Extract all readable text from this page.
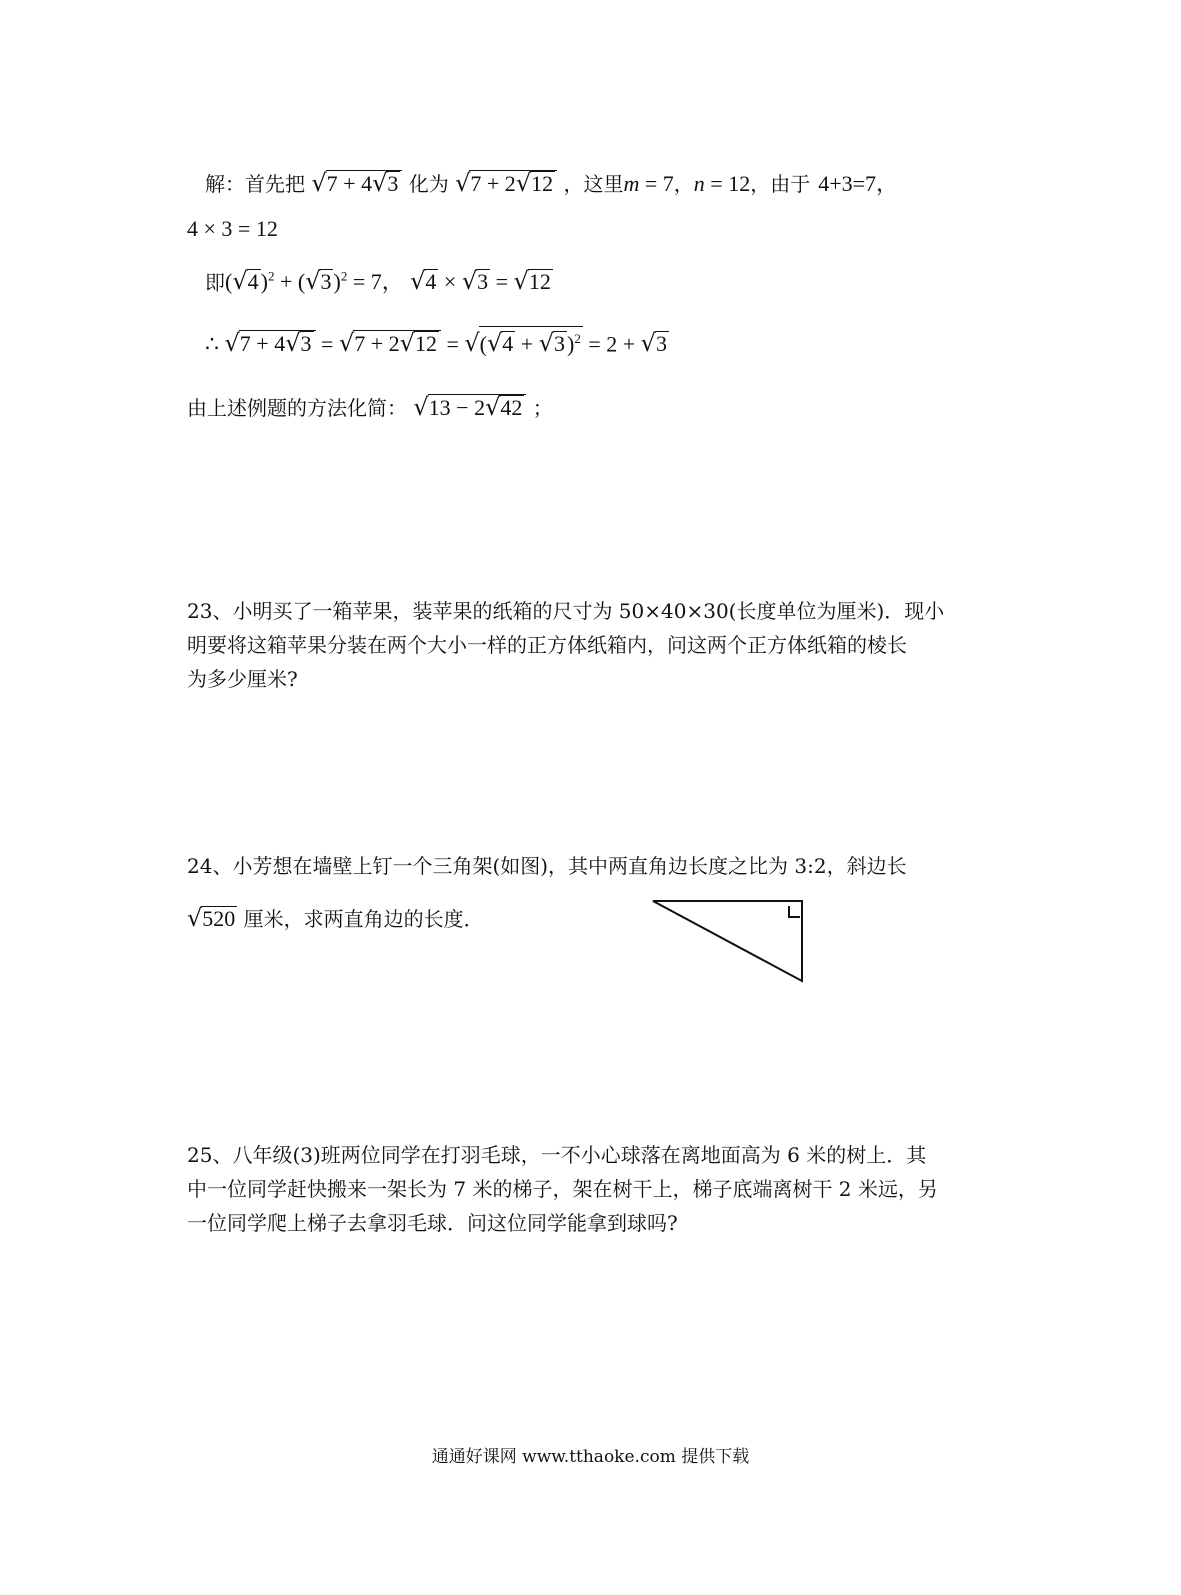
解：首先把 √7 + 4√3 化为 √7 + 2√12 ，这里m = 7，n = 12，由于 4+3=7，
4 × 3 = 12
即$(√4)^2 + (√3)^2 = 7$， √4 × √3 = √12
∴ $√7 + 4√3 = √7 + 2√12 = √(√4 + √3)^2 = 2 + √3$
由上述例题的方法化简： √13 − 2√42 ；
23、小明买了一箱苹果，装苹果的纸箱的尺寸为 50×40×30(长度单位为厘米)．现小
明要将这箱苹果分装在两个大小一样的正方体纸箱内，问这两个正方体纸箱的棱长
为多少厘米?
24、小芳想在墙壁上钉一个三角架(如图)，其中两直角边长度之比为 3:2，斜边长
√520 厘米，求两直角边的长度．
25、八年级(3)班两位同学在打羽毛球，一不小心球落在离地面高为 6 米的树上．其
中一位同学赶快搬来一架长为 7 米的梯子，架在树干上，梯子底端离树干 2 米远，另
一位同学爬上梯子去拿羽毛球．问这位同学能拿到球吗?
通通好课网 www.tthaoke.com 提供下载
